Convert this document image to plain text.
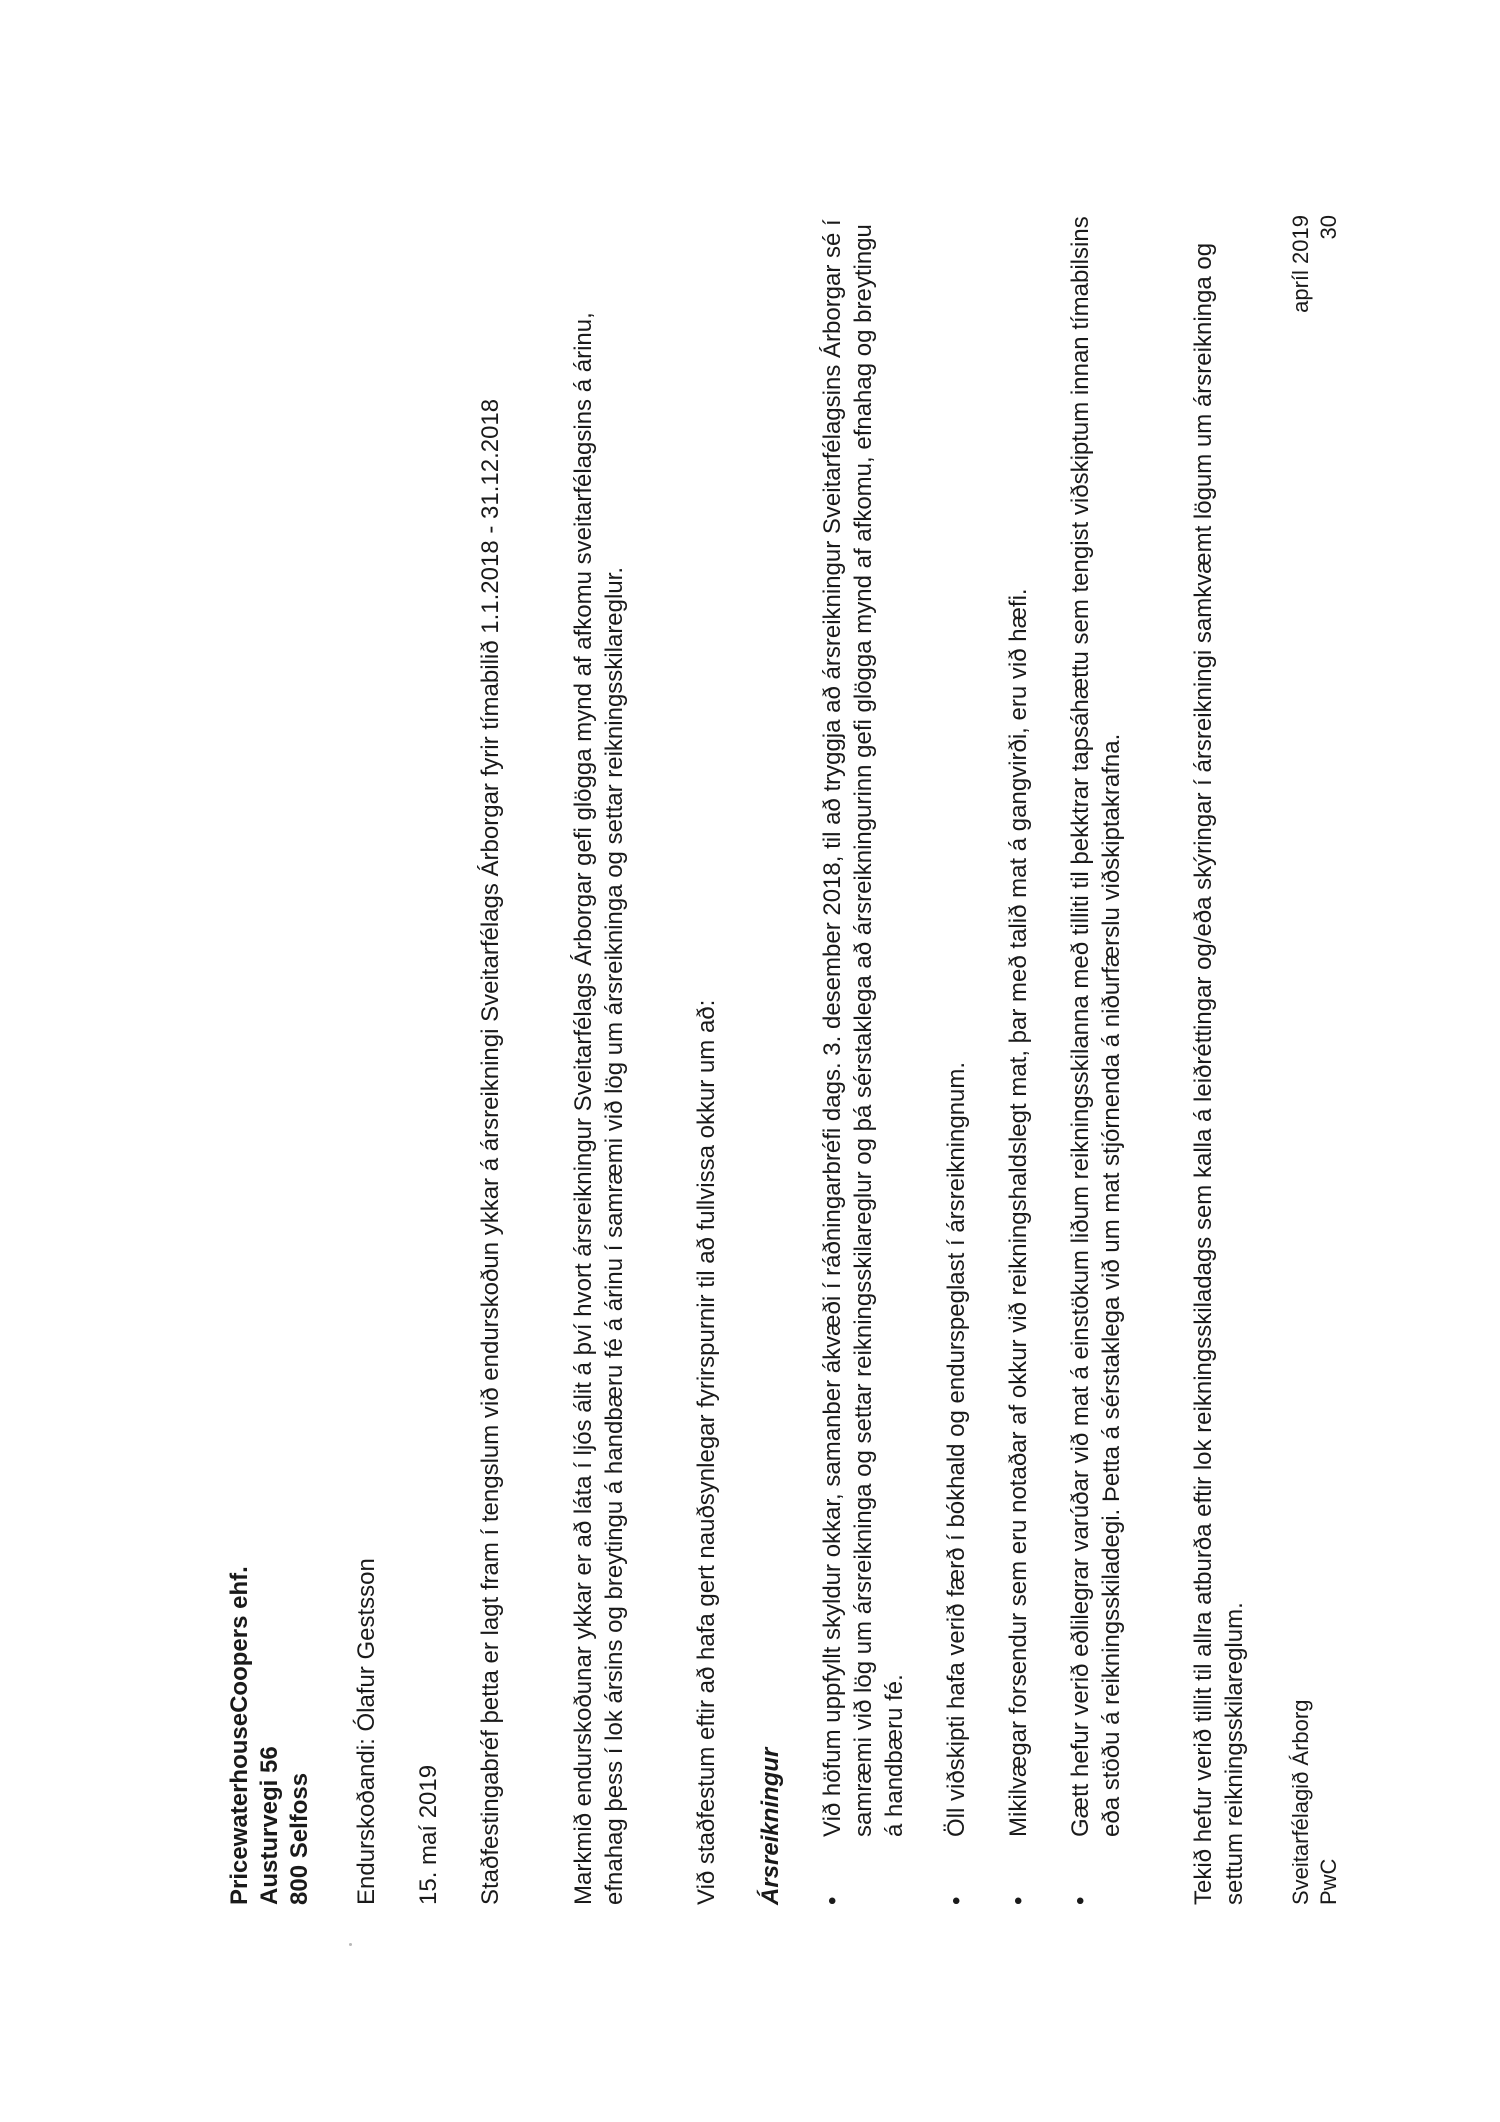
PricewaterhouseCoopers ehf. Austurvegi 56 800 Selfoss Endurskoðandi: Ólafur Gestsson 15. maí 2019 Staðfestingabréf þetta er lagt fram í tengslum við endurskoðun ykkar á ársreikningi Sveitarfélags Árborgar fyrir tímabilið 1.1.2018 - 31.12.2018	Markmið endurskoðunar ykkar er að láta í ljós álit á því hvort ársreikningur Sveitarfélags Árborgar gefi glögga mynd af afkomu sveitarfélagsins á árinu, efnahag þess í lok ársins og breytingu á handbæru fé á árinu í samræmi við lög um ársreikninga og settar reikningsskilareglur.	Við staðfestum eftir að hafa gert nauðsynlegar fyrirspurnir til að fullvissa okkur um að: Ársreikningur •

Við höfum uppfyllt skyldur okkar, samanber ákvæði í ráðningarbréfi dags. 3. desember 2018, til að tryggja að ársreikningur Sveitarfélagsins Árborgar sé í samræmi við lög um ársreikninga og settar reikningsskilareglur og þá sérstaklega að ársreikningurinn gefi glögga mynd af afkomu, efnahag og breytingu á handbæru fé.

•

Öll viðskipti hafa verið færð í bókhald og endurspeglast í ársreikningnum.

•

Mikilvægar forsendur sem eru notaðar af okkur við reikningshaldslegt mat, þar með talið mat á gangvirði, eru við hæfi.

•

Gætt hefur verið eðlilegrar varúðar við mat á einstökum liðum reikningsskilanna með tilliti til þekktrar tapsáhættu sem tengist viðskiptum innan tímabilsins eða stöðu á reikningsskiladegi. Þetta á sérstaklega við um mat stjórnenda á niðurfærslu viðskiptakrafna.	Tekið hefur verið tillit til allra atburða eftir lok reikningsskiladags sem kalla á leiðréttingar og/eða skýringar í ársreikningi samkvæmt lögum um ársreikninga og settum reikningsskilareglum. Sveitarfélagið Árborg PwC

apríl 2019 30
